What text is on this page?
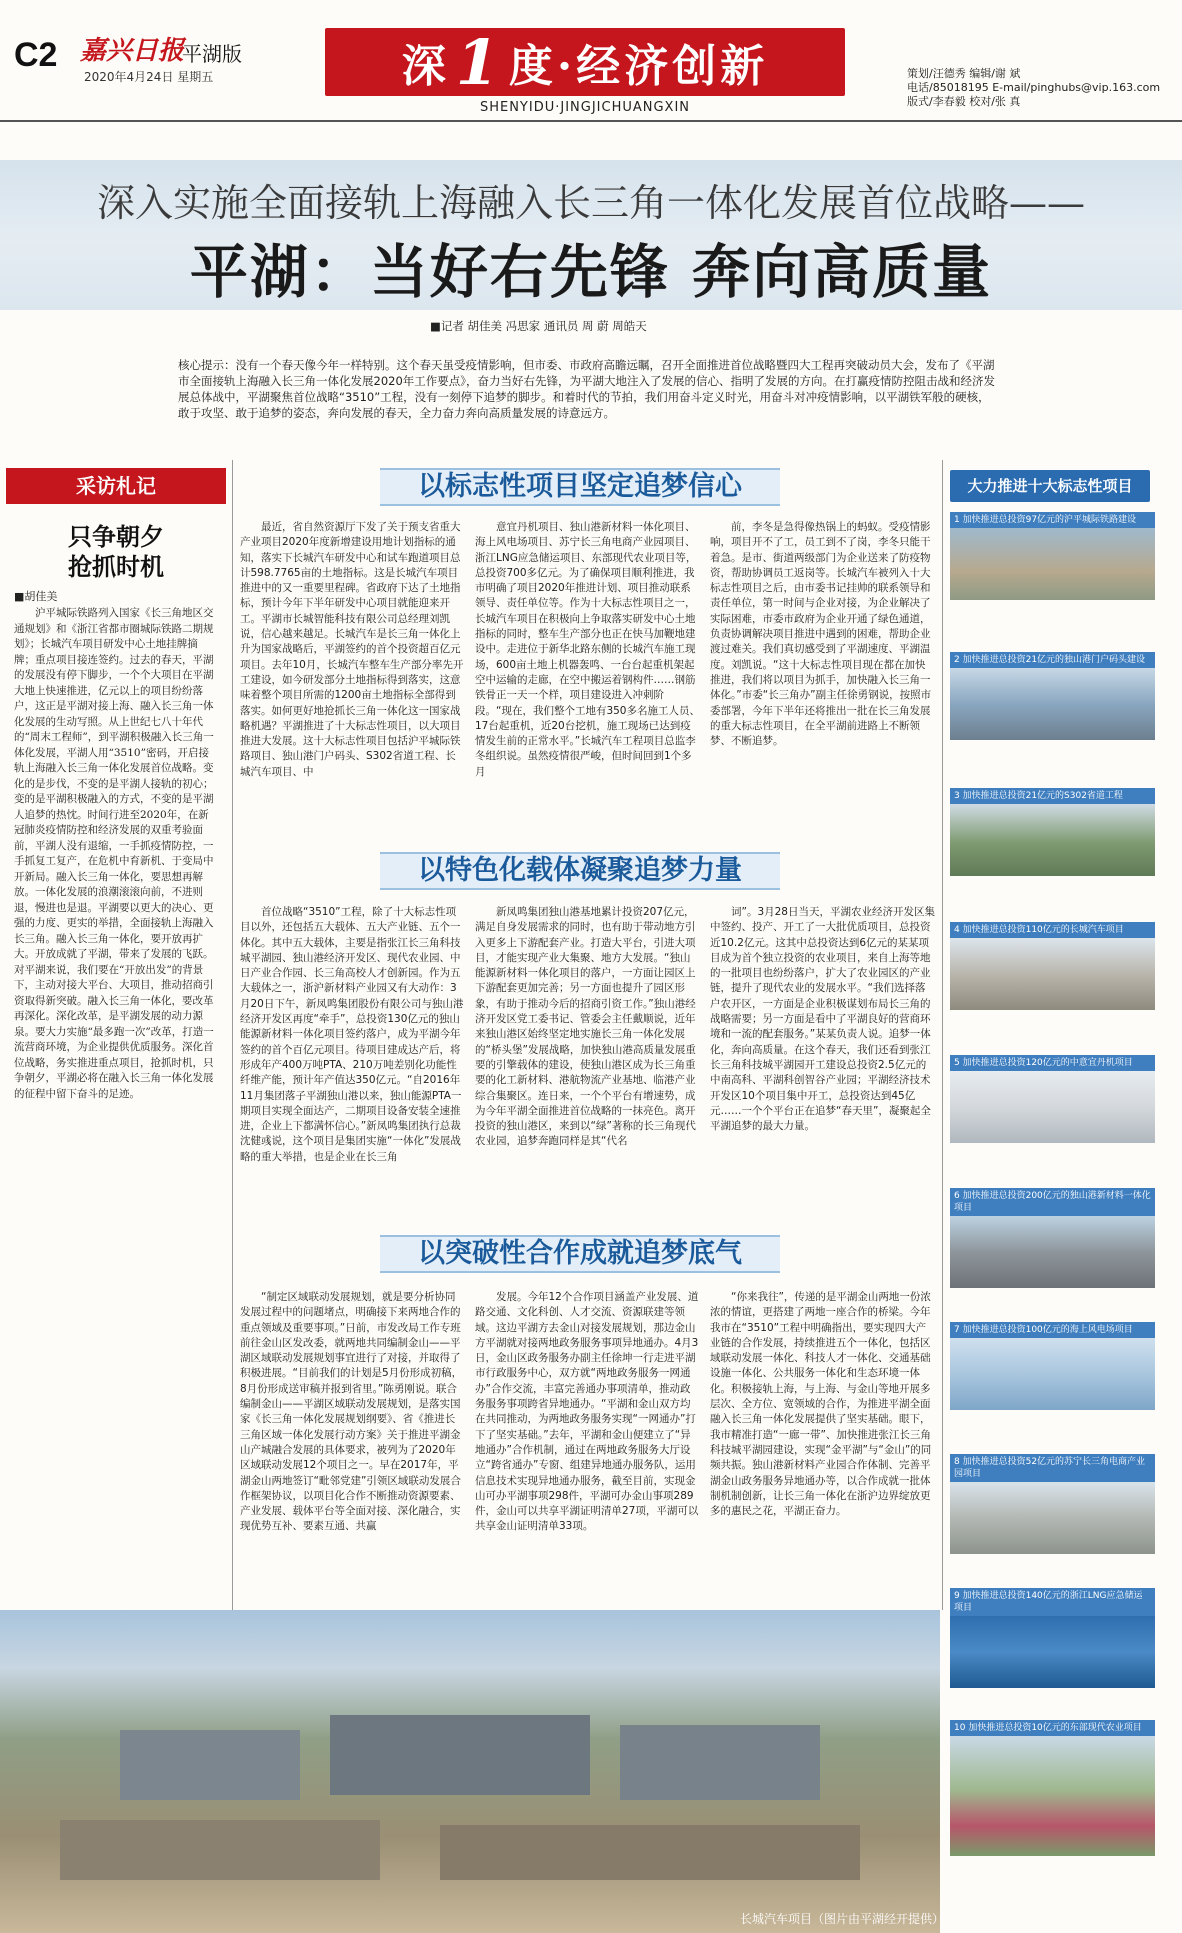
C2 嘉兴日报
平湖版
2020年4月24日 星期五	深 1 度·经济创新
SHENYIDU·JINGJICHUANGXIN
策划/汪德秀 编辑/谢 斌
电话/85018195 E-mail/pinghubs@vip.163.com
版式/李春毅 校对/张 真
深入实施全面接轨上海融入长三角一体化发展首位战略——
平湖：当好右先锋 奔向高质量
■记者 胡佳美 冯思家 通讯员 周 蔚 周皓天
核心提示：没有一个春天像今年一样特别。这个春天虽受疫情影响，但市委、市政府高瞻远瞩，召开全面推进首位战略暨四大工程再突破动员大会，发布了《平湖市全面接轨上海融入长三角一体化发展2020年工作要点》，奋力当好右先锋，为平湖大地注入了发展的信心、指明了发展的方向。在打赢疫情防控阻击战和经济发展总体战中，平湖聚焦首位战略“3510”工程，没有一刻停下追梦的脚步。和着时代的节拍，我们用奋斗定义时光，用奋斗对冲疫情影响，以平湖铁军般的硬核，敢于攻坚、敢于追梦的姿态，奔向发展的春天，全力奋力奔向高质量发展的诗意远方。
采访札记
只争朝夕
抢抓时机
■胡佳美
沪平城际铁路列入国家《长三角地区交通规划》和《浙江省都市圈城际铁路二期规划》；长城汽车项目研发中心土地挂牌摘牌；重点项目接连签约。过去的春天，平湖的发展没有停下脚步，一个个大项目在平湖大地上快速推进，亿元以上的项目纷纷落户，这正是平湖对接上海、融入长三角一体化发展的生动写照。从上世纪七八十年代的“周末工程师”，到平湖积极融入长三角一体化发展，平湖人用“3510”密码，开启接轨上海融入长三角一体化发展首位战略。变化的是步伐，不变的是平湖人接轨的初心；变的是平湖积极融入的方式，不变的是平湖人追梦的热忱。时间行进至2020年，在新冠肺炎疫情防控和经济发展的双重考验面前，平湖人没有退缩，一手抓疫情防控，一手抓复工复产，在危机中育新机、于变局中开新局。融入长三角一体化，要思想再解放。一体化发展的浪潮滚滚向前，不进则退，慢进也是退。平湖要以更大的决心、更强的力度、更实的举措，全面接轨上海融入长三角。融入长三角一体化，要开放再扩大。开放成就了平湖，带来了发展的飞跃。对平湖来说，我们要在“开放出发”的背景下，主动对接大平台、大项目，推动招商引资取得新突破。融入长三角一体化，要改革再深化。深化改革，是平湖发展的动力源泉。要大力实施“最多跑一次”改革，打造一流营商环境，为企业提供优质服务。深化首位战略，务实推进重点项目，抢抓时机，只争朝夕，平湖必将在融入长三角一体化发展的征程中留下奋斗的足迹。
以标志性项目坚定追梦信心
最近，省自然资源厅下发了关于预支省重大产业项目2020年度新增建设用地计划指标的通知，落实下长城汽车研发中心和试车跑道项目总计598.7765亩的土地指标。这是长城汽车项目推进中的又一重要里程碑。省政府下达了土地指标，预计今年下半年研发中心项目就能迎来开工。平湖市长城智能科技有限公司总经理刘凯说，信心越来越足。长城汽车是长三角一体化上升为国家战略后，平湖签约的首个投资超百亿元项目。去年10月，长城汽车整车生产部分率先开工建设，如今研发部分土地指标得到落实，这意味着整个项目所需的1200亩土地指标全部得到落实。如何更好地抢抓长三角一体化这一国家战略机遇？平湖推进了十大标志性项目，以大项目推进大发展。这十大标志性项目包括沪平城际铁路项目、独山港门户码头、S302省道工程、长城汽车项目、中
意宜丹机项目、独山港新材料一体化项目、海上风电场项目、苏宁长三角电商产业园项目、浙江LNG应急储运项目、东部现代农业项目等，总投资700多亿元。为了确保项目顺利推进，我市明确了项目2020年推进计划、项目推动联系领导、责任单位等。作为十大标志性项目之一，长城汽车项目在积极向上争取落实研发中心土地指标的同时，整车生产部分也正在快马加鞭地建设中。走进位于新华北路东侧的长城汽车施工现场，600亩土地上机器轰鸣、一台台起重机架起空中运输的走廊，在空中搬运着钢构件……钢筋铁骨正一天一个样，项目建设进入冲刺阶段。“现在，我们整个工地有350多名施工人员、17台起重机，近20台挖机，施工现场已达到疫情发生前的正常水平。”长城汽车工程项目总监李冬组织说。虽然疫情很严峻，但时间回到1个多月
前，李冬是急得像热锅上的蚂蚁。受疫情影响，项目开不了工，员工到不了岗，李冬只能干着急。是市、街道两级部门为企业送来了防疫物资，帮助协调员工返岗等。长城汽车被列入十大标志性项目之后，由市委书记挂帅的联系领导和责任单位，第一时间与企业对接，为企业解决了实际困难，市委市政府为企业开通了绿色通道，负责协调解决项目推进中遇到的困难，帮助企业渡过难关。我们真切感受到了平湖速度、平湖温度。刘凯说。“这十大标志性项目现在都在加快推进，我们将以项目为抓手，加快融入长三角一体化。”市委“长三角办”副主任徐勇钢说，按照市委部署，今年下半年还将推出一批在长三角发展的重大标志性项目，在全平湖前进路上不断领梦、不断追梦。
以特色化载体凝聚追梦力量
首位战略“3510”工程，除了十大标志性项目以外，还包括五大载体、五大产业链、五个一体化。其中五大载体，主要是指张江长三角科技城平湖园、独山港经济开发区、现代农业园、中日产业合作园、长三角高校人才创新园。作为五大载体之一，浙沪新材料产业园又有大动作：3月20日下午，新凤鸣集团股份有限公司与独山港经济开发区再度“牵手”，总投资130亿元的独山能源新材料一体化项目签约落户，成为平湖今年签约的首个百亿元项目。待项目建成达产后，将形成年产400万吨PTA、210万吨差别化功能性纤维产能，预计年产值达350亿元。“自2016年11月集团落子平湖独山港以来，独山能源PTA一期项目实现全面达产，二期项目设备安装全速推进，企业上下都满怀信心。”新凤鸣集团执行总裁沈健彧说，这个项目是集团实施“一体化”发展战略的重大举措，也是企业在长三角
新凤鸣集团独山港基地累计投资207亿元，满足自身发展需求的同时，也有助于带动地方引入更多上下游配套产业。打造大平台，引进大项目，才能实现产业大集聚、地方大发展。“独山能源新材料一体化项目的落户，一方面让园区上下游配套更加完善；另一方面也提升了园区形象，有助于推动今后的招商引资工作。”独山港经济开发区党工委书记、管委会主任戴顺说，近年来独山港区始终坚定地实施长三角一体化发展的“桥头堡”发展战略，加快独山港高质量发展重要的引擎载体的建设，使独山港区成为长三角重要的化工新材料、港航物流产业基地、临港产业综合集聚区。连日来，一个个平台有增速势，成为今年平湖全面推进首位战略的一抹亮色。离开投资的独山港区，来到以“绿”著称的长三角现代农业园，追梦奔跑同样是其“代名
词”。3月28日当天，平湖农业经济开发区集中签约、投产、开工了一大批优质项目，总投资近10.2亿元。这其中总投资达到6亿元的某某项目成为首个独立投资的农业项目，来自上海等地的一批项目也纷纷落户，扩大了农业园区的产业链，提升了现代农业的发展水平。“我们选择落户农开区，一方面是企业积极谋划布局长三角的战略需要；另一方面是看中了平湖良好的营商环境和一流的配套服务。”某某负责人说。追梦一体化，奔向高质量。在这个春天，我们还看到张江长三角科技城平湖园开工建设总投资2.5亿元的中南高科、平湖科创智谷产业园；平湖经济技术开发区10个项目集中开工，总投资达到45亿元……一个个平台正在追梦“春天里”，凝聚起全平湖追梦的最大力量。
以突破性合作成就追梦底气
“制定区域联动发展规划，就是要分析协同发展过程中的问题堵点，明确接下来两地合作的重点领域及重要事项。”日前，市发改局工作专班前往金山区发改委，就两地共同编制金山——平湖区域联动发展规划事宜进行了对接，并取得了积极进展。“目前我们的计划是5月份形成初稿，8月份形成送审稿并报到省里。”陈勇刚说。联合编制金山——平湖区域联动发展规划，是落实国家《长三角一体化发展规划纲要》、省《推进长三角区域一体化发展行动方案》关于推进平湖金山产城融合发展的具体要求，被列为了2020年区域联动发展12个项目之一。早在2017年，平湖金山两地签订“毗邻党建”引领区域联动发展合作框架协议，以项目化合作不断推动资源要素、产业发展、载体平台等全面对接、深化融合，实现优势互补、要素互通、共赢
发展。今年12个合作项目涵盖产业发展、道路交通、文化科创、人才交流、资源联建等领域。这边平湖方去金山对接发展规划，那边金山方平湖就对接两地政务服务事项异地通办。4月3日，金山区政务服务办副主任徐坤一行走进平湖市行政服务中心，双方就“两地政务服务一网通办”合作交流，丰富完善通办事项清单，推动政务服务事项跨省异地通办。“平湖和金山双方均在共同推动，为两地政务服务实现“一网通办”打下了坚实基础。”去年，平湖和金山便建立了“异地通办”合作机制，通过在两地政务服务大厅设立“跨省通办”专窗、组建异地通办服务队，运用信息技术实现异地通办服务，截至目前，实现金山可办平湖事项298件，平湖可办金山事项289件，金山可以共享平湖证明清单27项，平湖可以共享金山证明清单33项。
“你来我往”，传递的是平湖金山两地一份浓浓的情谊，更搭建了两地一座合作的桥梁。今年我市在“3510”工程中明确指出，要实现四大产业链的合作发展，持续推进五个一体化，包括区域联动发展一体化、科技人才一体化、交通基础设施一体化、公共服务一体化和生态环境一体化。积极接轨上海，与上海、与金山等地开展多层次、全方位、宽领域的合作，为推进平湖全面融入长三角一体化发展提供了坚实基础。眼下，我市精准打造“一廊一带”、加快推进张江长三角科技城平湖园建设，实现“金平湖”与“金山”的同频共振。独山港新材料产业园合作体制、完善平湖金山政务服务异地通办等，以合作成就一批体制机制创新，让长三角一体化在浙沪边界绽放更多的惠民之花，平湖正奋力。
大力推进十大标志性项目
1 加快推进总投资97亿元的沪平城际铁路建设
2 加快推进总投资21亿元的独山港门户码头建设
3 加快推进总投资21亿元的S302省道工程
4 加快推进总投资110亿元的长城汽车项目
5 加快推进总投资120亿元的中意宜丹机项目
6 加快推进总投资200亿元的独山港新材料一体化项目
7 加快推进总投资100亿元的海上风电场项目
8 加快推进总投资52亿元的苏宁长三角电商产业园项目
9 加快推进总投资140亿元的浙江LNG应急储运项目
10 加快推进总投资10亿元的东部现代农业项目
长城汽车项目（图片由平湖经开提供）
